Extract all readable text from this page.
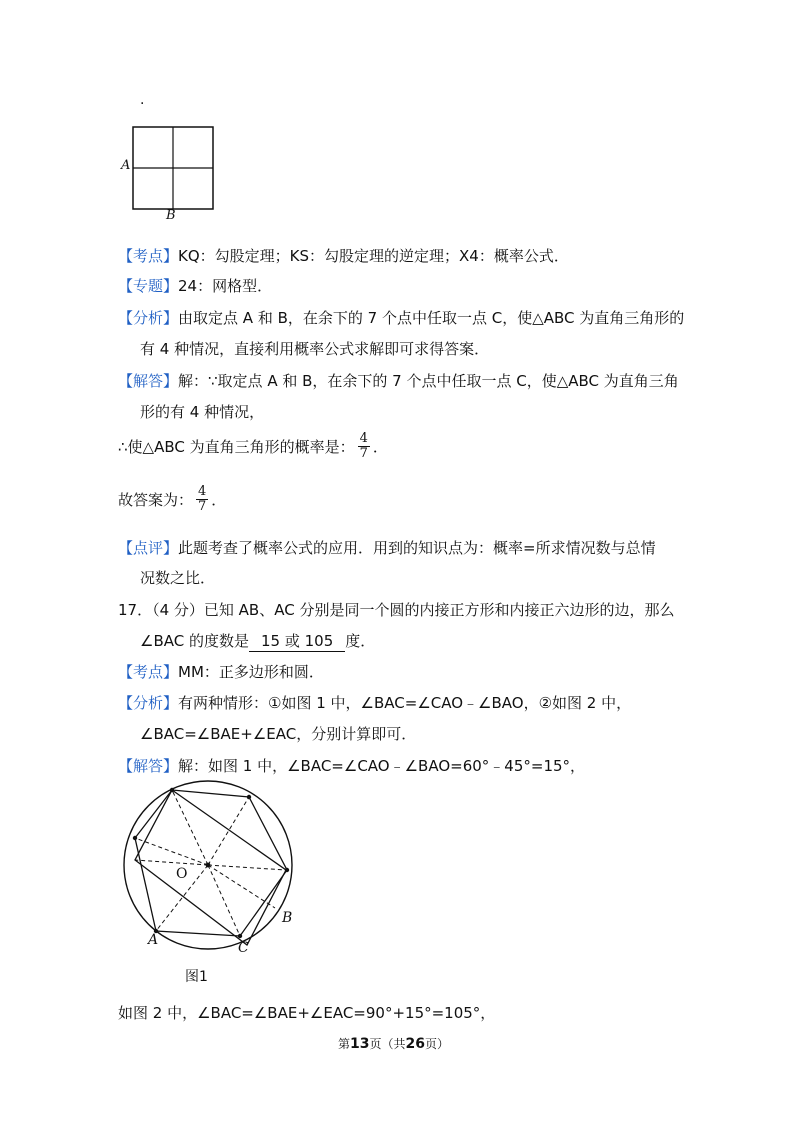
·
A
B
【考点】KQ：勾股定理；KS：勾股定理的逆定理；X4：概率公式．
【专题】24：网格型．
【分析】由取定点 A 和 B，在余下的 7 个点中任取一点 C，使△ABC 为直角三角形的
有 4 种情况，直接利用概率公式求解即可求得答案．
【解答】解：∵取定点 A 和 B，在余下的 7 个点中任取一点 C，使△ABC 为直角三角
形的有 4 种情况，
∴使△ABC 为直角三角形的概率是： $\frac{4}{7}$ ．
故答案为： $\frac{4}{7}$ ．
【点评】此题考查了概率公式的应用．用到的知识点为：概率=所求情况数与总情
况数之比．
17．（4 分）已知 AB、AC 分别是同一个圆的内接正方形和内接正六边形的边，那么
∠BAC 的度数是 15 或 105 度．
【考点】MM：正多边形和圆．
【分析】有两种情形：①如图 1 中，∠BAC=∠CAO﹣∠BAO，②如图 2 中，
∠BAC=∠BAE+∠EAC，分别计算即可．
【解答】解：如图 1 中，∠BAC=∠CAO﹣∠BAO=60°﹣45°=15°，
O
A
B
C
图1
如图 2 中，∠BAC=∠BAE+∠EAC=90°+15°=105°，
第13页（共26页）
